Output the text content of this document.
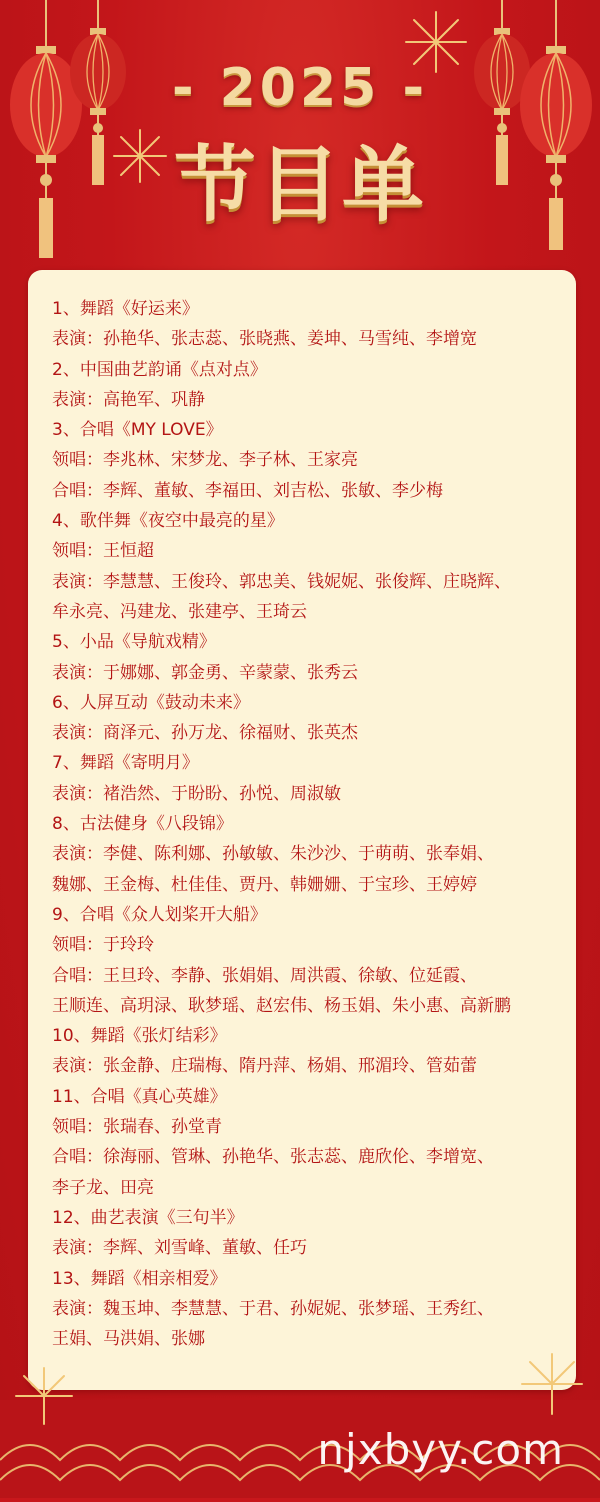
- 2025 -
节目单
1、舞蹈《好运来》
表演：孙艳华、张志蕊、张晓燕、姜坤、马雪纯、李增宽
2、中国曲艺韵诵《点对点》
表演：高艳军、巩静
3、合唱《MY LOVE》
领唱：李兆林、宋梦龙、李子林、王家亮
合唱：李辉、董敏、李福田、刘吉松、张敏、李少梅
4、歌伴舞《夜空中最亮的星》
领唱：王恒超
表演：李慧慧、王俊玲、郭忠美、钱妮妮、张俊辉、庄晓辉、
牟永亮、冯建龙、张建亭、王琦云
5、小品《导航戏精》
表演：于娜娜、郭金勇、辛蒙蒙、张秀云
6、人屏互动《鼓动未来》
表演：商泽元、孙万龙、徐福财、张英杰
7、舞蹈《寄明月》
表演：褚浩然、于盼盼、孙悦、周淑敏
8、古法健身《八段锦》
表演：李健、陈利娜、孙敏敏、朱沙沙、于萌萌、张奉娟、
魏娜、王金梅、杜佳佳、贾丹、韩姗姗、于宝珍、王婷婷
9、合唱《众人划桨开大船》
领唱：于玲玲
合唱：王旦玲、李静、张娟娟、周洪霞、徐敏、位延霞、
王顺连、高玥渌、耿梦瑶、赵宏伟、杨玉娟、朱小惠、高新鹏
10、舞蹈《张灯结彩》
表演：张金静、庄瑞梅、隋丹萍、杨娟、邢湄玲、管茹蕾
11、合唱《真心英雄》
领唱：张瑞春、孙堂青
合唱：徐海丽、管琳、孙艳华、张志蕊、鹿欣伦、李增宽、
李子龙、田亮
12、曲艺表演《三句半》
表演：李辉、刘雪峰、董敏、任巧
13、舞蹈《相亲相爱》
表演：魏玉坤、李慧慧、于君、孙妮妮、张梦瑶、王秀红、
王娟、马洪娟、张娜
njxbyy.com
